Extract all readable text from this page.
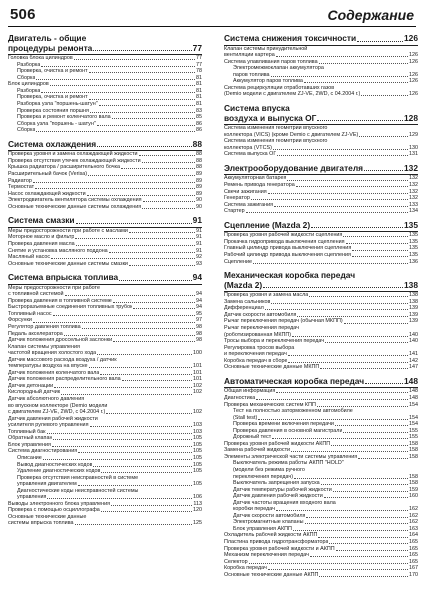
506	Содержание
Двигатель - общие
процедуры ремонта	77
Головка блока цилиндров	77
Разборка	77
Проверка, очистка и ремонт	78
Сборка	81
Блок цилиндров	81
Разборка	81
Проверка, очистка и ремонт	81
Разборка узла "поршень-шатун"	81
Проверка состояния поршня	83
Проверка и ремонт коленчатого вала	85
Сборка узла "поршень - шатун"	86
Сборка	86
Система охлаждения	88
Проверка уровня и замена охлаждающей жидкости	88
Проверка отсутствия утечек охлаждающей жидкости	88
Крышка радиатора / расширительного бочка	88
Расширительный бачок (Verisa)	89
Радиатор	89
Термостат	89
Насос охлаждающей жидкости	89
Электродвигатель вентилятора системы охлаждения	90
Основные технические данные системы охлаждения	90
Система смазки	91
Меры предосторожности при работе с маслами	91
Моторное масло и фильтр	91
Проверка давления масла	91
Снятие и установка масляного поддона	91
Масляный насос	92
Основные технические данные системы смазки	93
Система впрыска топлива	94
Меры предосторожности при работе
с топливной системой	94
Проверка давления в топливной системе	94
Быстроразъемные соединения топливных трубок	94
Топливный насос	95
Форсунки	97
Регулятор давления топлива	98
Педаль акселератора	98
Датчик положения дроссельной заслонки	98
Клапан системы управления
частотой вращения холостого хода	100
Датчик массового расхода воздуха / датчик
температуры воздуха на впуске	101
Датчик положения коленчатого вала	101
Датчик положения распределительного вала	101
Датчик детонации	102
Кислородный датчик	102
Датчик абсолютного давления
во впускном коллекторе (Demio модели
с двигателем ZJ-VE, 2WD, с 04.2004 г.)	102
Датчик давления рабочей жидкости
усилителя рулевого управления	103
Топливный бак	103
Обратный клапан	105
Блок управления	105
Система диагностирования	105
Описание	105
Вывод диагностических кодов	105
Удаление диагностических кодов	105
Проверка отсутствия неисправностей в системе
управления двигателем	105
Диагностические коды неисправностей системы
управления	106
Выводы электронного блока управления	113
Проверка с помощью осциллографа	120
Основные технические данные
системы впрыска топлива	125
Система снижения токсичности	126
Клапан системы принудительной
вентиляции картера	126
Система улавливания паров топлива	126
Электромежмоклапан аккумулятора
паров топлива	126
Аккумулятор паров топлива	126
Система рециркуляции отработавших газов
(Demio модели с двигателем ZJ-VE, 2WD, с 04.2004 г.)	126
Система впуска
воздуха и выпуска ОГ	128
Система изменения геометрии впускного
коллектора (VICS) (кроме Demio с двигателем ZJ-VE)	129
Система изменения геометрии впускного
коллектора (VTCS)	130
Система выпуска ОГ	131
Электрооборудование двигателя	132
Аккумуляторная батарея	132
Ремень привода генератора	132
Свечи зажигания	132
Генератор	132
Система зажигания	133
Стартер	134
Сцепление (Mazda 2)	135
Проверка уровня рабочей жидкости сцепления	135
Прокачка гидропривода выключения сцепления	135
Главный цилиндр привода выключения сцепления	135
Рабочий цилиндр привода выключения сцепления	135
Сцепление	136
Механическая коробка передач
(Mazda 2)	138
Проверка уровня и замена масла	138
Замена сальников	138
Дифференциал	139
Датчик скорости автомобиля	139
Рычаг переключения передач (обычная МКПП)	139
Рычаг переключения передач
(роботизированная МКПП)	140
Тросы выбора и переключения передач	140
Регулировка тросов выбора
и переключения передач	141
Коробка передач в сборе	142
Основные технические данные МКПП	147
Автоматическая коробка передач	148
Общая информация	148
Диагностика	148
Проверка механических систем КПП	154
Тест на полностью заторможенном автомобиле
(Stall test)	154
Проверка времени включения передачи	154
Проверка давления в основной магистрали	155
Дорожный тест	155
Проверка уровня рабочей жидкости АКПП	158
Замена рабочей жидкости	158
Элементы электрической части системы управления	158
Выключатель режима работы АКПП "HOLD"
(модели без режима ручного
переключения передач)	158
Выключатель запрещения запуска	158
Датчик температуры рабочей жидкости	159
Датчик давления рабочей жидкости	160
Датчик частоты вращения входного вала
коробки передач	162
Датчик скорости автомобиля	162
Электромагнитные клапаны	162
Блок управления АКПП	163
Охладитель рабочей жидкости АКПП	164
Пластина привода гидротрансформатора	165
Проверка уровня рабочей жидкости и АКПП	165
Механизм переключения передач	165
Селектор	165
Коробка передач	167
Основные технические данные АКПП	170
